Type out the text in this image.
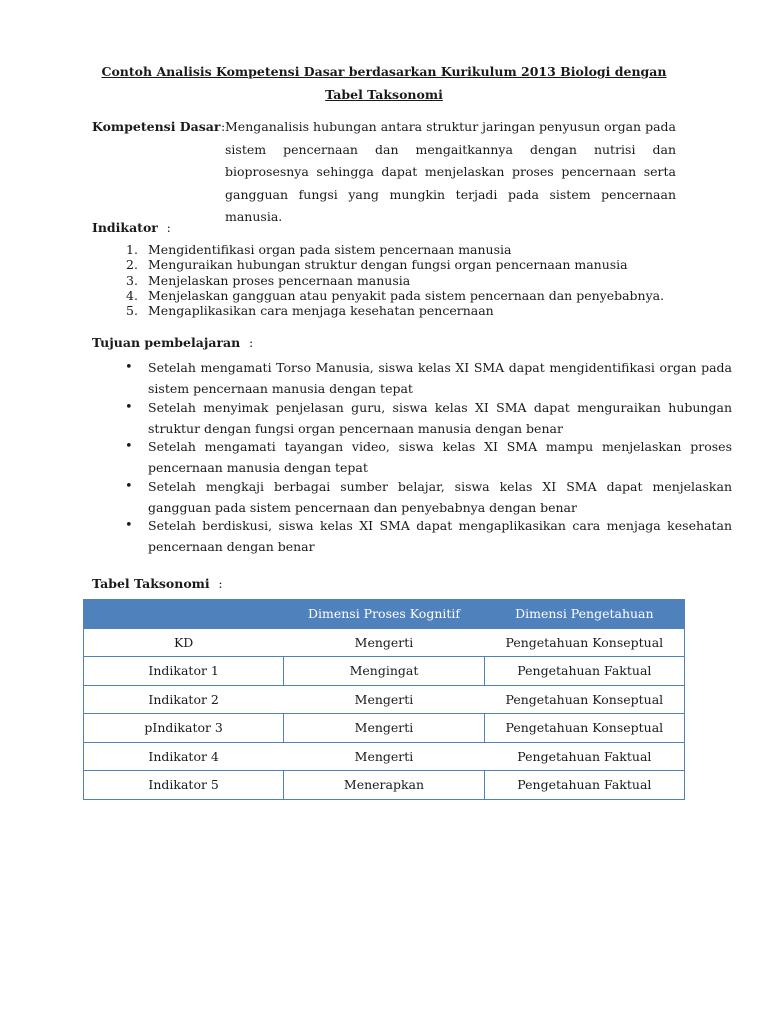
Contoh Analisis Kompetensi Dasar berdasarkan Kurikulum 2013 Biologi dengan Tabel Taksonomi
Kompetensi Dasar : Menganalisis hubungan antara struktur jaringan penyusun organ pada sistem pencernaan dan mengaitkannya dengan nutrisi dan bioprosesnya sehingga dapat menjelaskan proses pencernaan serta gangguan fungsi yang mungkin terjadi pada sistem pencernaan manusia.
Indikator :
1. Mengidentifikasi organ pada sistem pencernaan manusia
2. Menguraikan hubungan struktur dengan fungsi organ pencernaan manusia
3. Menjelaskan proses pencernaan manusia
4. Menjelaskan gangguan atau penyakit pada sistem pencernaan dan penyebabnya.
5. Mengaplikasikan cara menjaga kesehatan pencernaan
Tujuan pembelajaran :
• Setelah mengamati Torso Manusia, siswa kelas XI SMA dapat mengidentifikasi organ pada sistem pencernaan manusia dengan tepat
• Setelah menyimak penjelasan guru, siswa kelas XI SMA dapat menguraikan hubungan struktur dengan fungsi organ pencernaan manusia dengan benar
• Setelah mengamati tayangan video, siswa kelas XI SMA mampu menjelaskan proses pencernaan manusia dengan tepat
• Setelah mengkaji berbagai sumber belajar, siswa kelas XI SMA dapat menjelaskan gangguan pada sistem pencernaan dan penyebabnya dengan benar
• Setelah berdiskusi, siswa kelas XI SMA dapat mengaplikasikan cara menjaga kesehatan pencernaan dengan benar
Tabel Taksonomi :
	Dimensi Proses Kognitif	Dimensi Pengetahuan
KD	Mengerti	Pengetahuan Konseptual
Indikator 1	Mengingat	Pengetahuan Faktual
Indikator 2	Mengerti	Pengetahuan Konseptual
pIndikator 3	Mengerti	Pengetahuan Konseptual
Indikator 4	Mengerti	Pengetahuan Faktual
Indikator 5	Menerapkan	Pengetahuan Faktual
